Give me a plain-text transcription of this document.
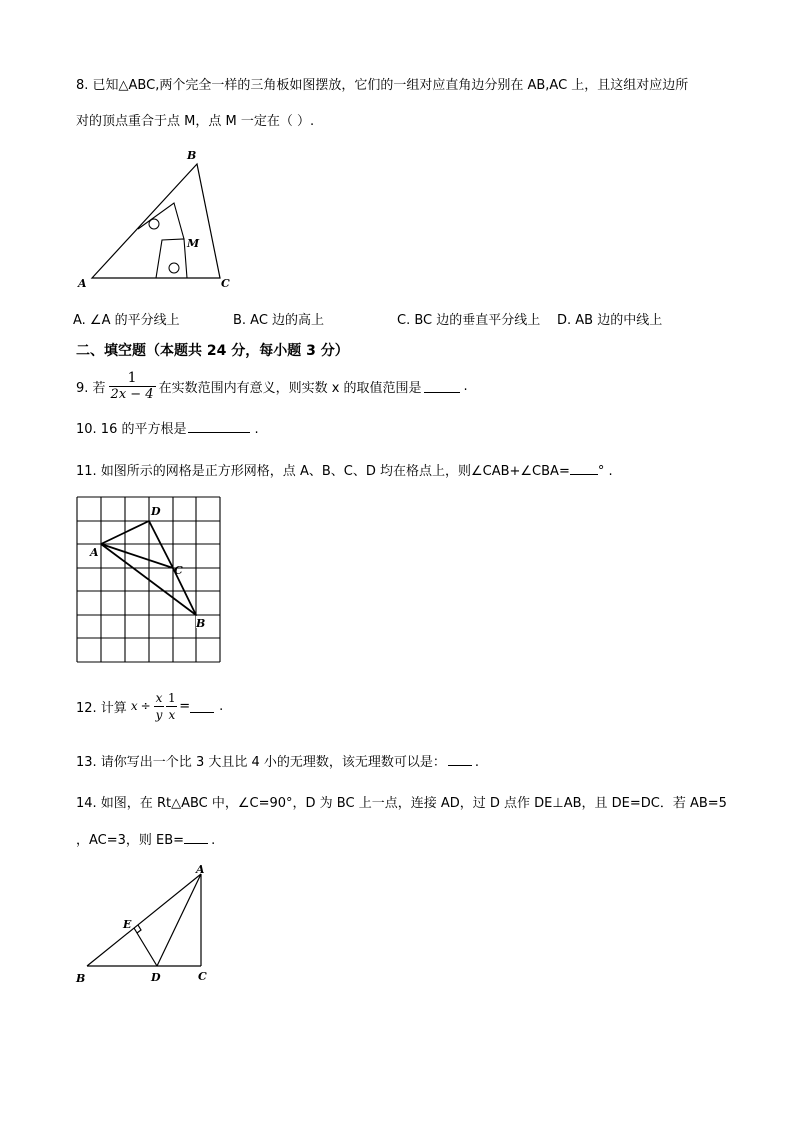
8. 已知△ABC,两个完全一样的三角板如图摆放，它们的一组对应直角边分别在 AB,AC 上，且这组对应边所
对的顶点重合于点 M，点 M 一定在（ ）.
B
M
A	C
A. ∠A 的平分线上	B. AC 边的高上	C. BC 边的垂直平分线上 D. AB 边的中线上
二、填空题（本题共 24 分，每小题 3 分）
9. 若 $\frac{1}{2x - 4}$ 在实数范围内有意义，则实数 x 的取值范围是	.
10. 16 的平方根是	.
11. 如图所示的网格是正方形网格，点 A、B、C、D 均在格点上，则∠CAB+∠CBA= ° .
A
D
C
B
12. 计算 $x \div \frac{x}{y} \frac{1}{x}$ = .
13. 请你写出一个比 3 大且比 4 小的无理数，该无理数可以是： .
14. 如图，在 Rt△ABC 中，∠C=90°，D 为 BC 上一点，连接 AD，过 D 点作 DE⊥AB，且 DE=DC．若 AB=5
，AC=3，则 EB= .
A
E
B	D	C
